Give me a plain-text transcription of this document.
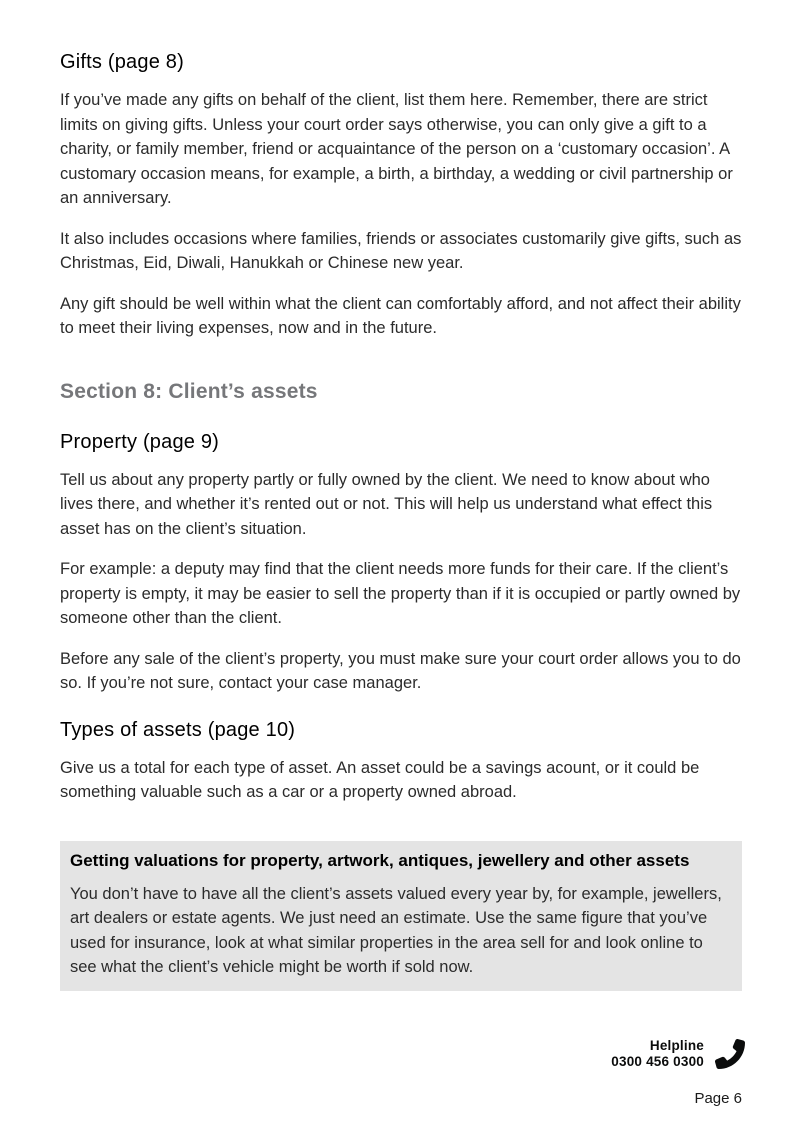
Gifts (page 8)

If you’ve made any gifts on behalf of the client, list them here. Remember, there are strict limits on giving gifts. Unless your court order says otherwise, you can only give a gift to a charity, or family member, friend or acquaintance of the person on a ‘customary occasion’. A customary occasion means, for example, a birth, a birthday, a wedding or civil partnership or an anniversary.

It also includes occasions where families, friends or associates customarily give gifts, such as Christmas, Eid, Diwali, Hanukkah or Chinese new year.

Any gift should be well within what the client can comfortably afford, and not affect their ability to meet their living expenses, now and in the future.

Section 8: Client’s assets
Property (page 9)

Tell us about any property partly or fully owned by the client. We need to know about who lives there, and whether it’s rented out or not. This will help us understand what effect this asset has on the client’s situation.

For example: a deputy may find that the client needs more funds for their care. If the client’s property is empty, it may be easier to sell the property than if it is occupied or partly owned by someone other than the client.

Before any sale of the client’s property, you must make sure your court order allows you to do so. If you’re not sure, contact your case manager.

Types of assets (page 10)

Give us a total for each type of asset. An asset could be a savings acount, or it could be something valuable such as a car or a property owned abroad.

Getting valuations for property, artwork, antiques, jewellery and other assets

You don’t have to have all the client’s assets valued every year by, for example, jewellers, art dealers or estate agents. We just need an estimate. Use the same figure that you’ve used for insurance, look at what similar properties in the area sell for and look online to see what the client’s vehicle might be worth if sold now.

Helpline
0300 456 0300
Page 6
